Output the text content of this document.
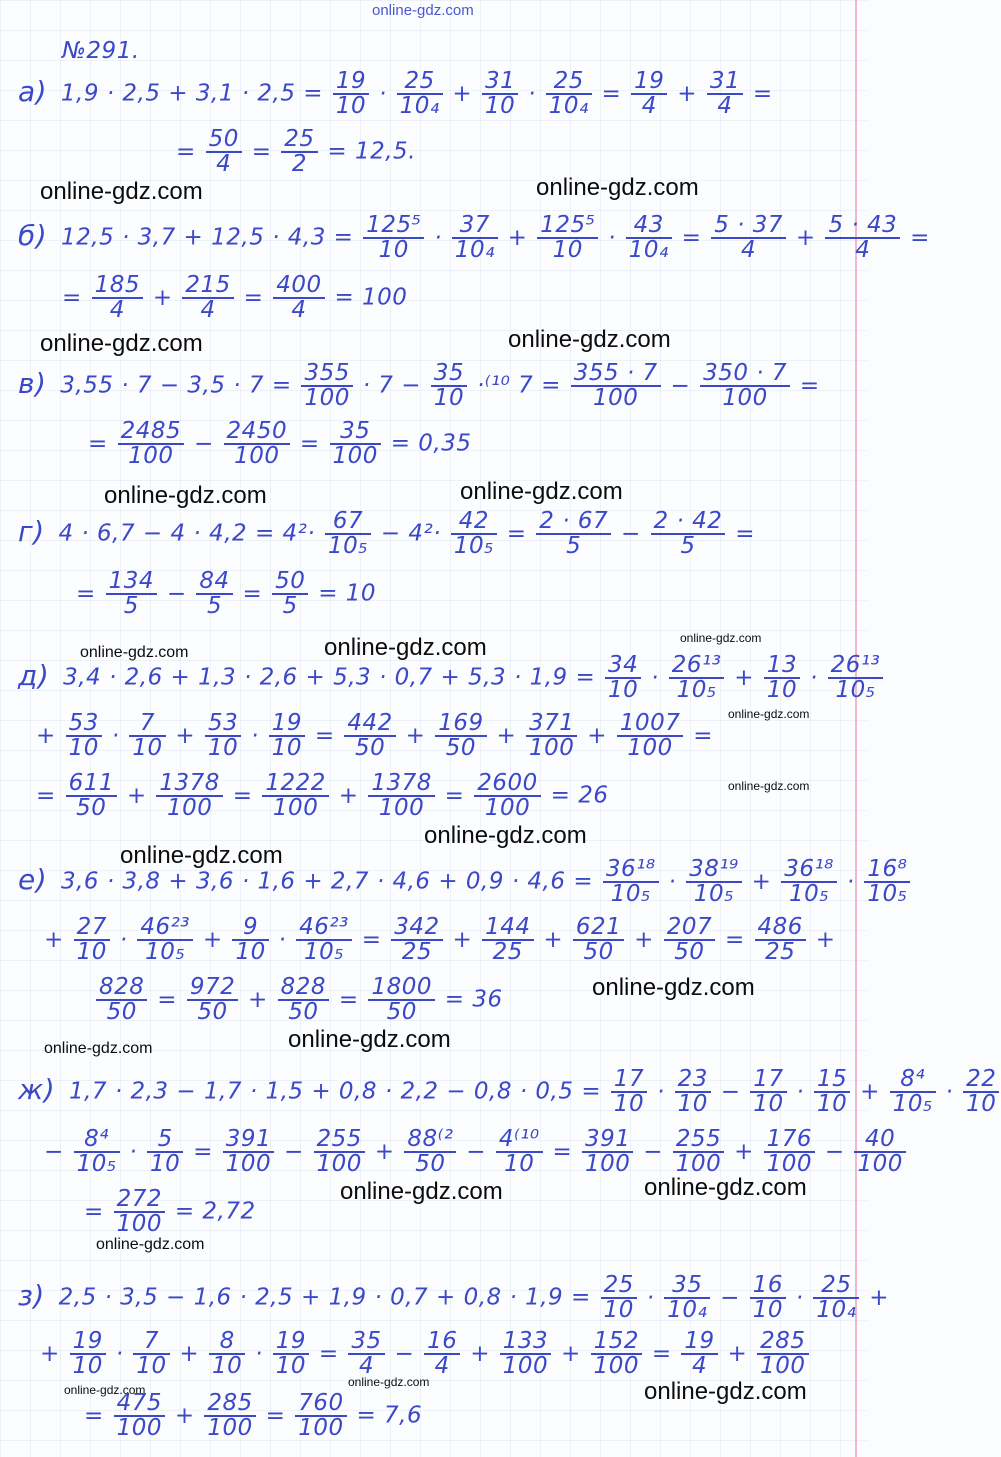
online-gdz.com
online-gdz.com	online-gdz.com
online-gdz.com	online-gdz.com
online-gdz.com	online-gdz.com
online-gdz.com	online-gdz.com	online-gdz.com
online-gdz.com
online-gdz.com
online-gdz.com
online-gdz.com
online-gdz.com
online-gdz.com	online-gdz.com
online-gdz.com	online-gdz.com
online-gdz.com
online-gdz.com
online-gdz.com	online-gdz.com
№291.
а) $1,9 \cdot 2,5 + 3,1 \cdot 2,5 = \frac{19}{10} \cdot \frac{25}{\text{10₄}} + \frac{31}{10} \cdot \frac{25}{\text{10₄}} = \frac{19}{4} + \frac{31}{4}$ =
= $\frac{50}{4} = \frac{25}{2} = 12,5$.
б) $12,5 \cdot 3,7 + 12,5 \cdot 4,3 = \frac{\text{125⁵}}{10} \cdot \frac{37}{\text{10₄}} + \frac{\text{125⁵}}{10} \cdot \frac{43}{\text{10₄}} = \frac{5 \cdot 37}{4} + \frac{5 \cdot 43}{4}$ =
= $\frac{185}{4} + \frac{215}{4} = \frac{400}{4} = 100$
в) $3,55 \cdot 7 - 3,5 \cdot 7 = \frac{355}{100} \cdot 7 - \frac{35}{10} \cdot^{(10}$ $7 = \frac{355 \cdot 7}{100} - \frac{350 \cdot 7}{100}$ =
= $\frac{2485}{100} - \frac{2450}{100} = \frac{35}{100} = 0,35$
г) $4 \cdot 6,7 - 4 \cdot 4,2 = 4^2\cdot \frac{67}{\text{10₅}} - 4^2\cdot \frac{42}{\text{10₅}} = \frac{2 \cdot 67}{5} - \frac{2 \cdot 42}{5}$ =
= $\frac{134}{5} - \frac{84}{5} = \frac{50}{5} = 10$
д) $3,4 \cdot 2,6 + 1,3 \cdot 2,6 + 5,3 \cdot 0,7 + 5,3 \cdot 1,9 = \frac{34}{10} \cdot \frac{\text{26¹³}}{\text{10₅}} + \frac{13}{10} \cdot \frac{\text{26¹³}}{\text{10₅}}$
+ $\frac{53}{10} \cdot \frac{7}{10} + \frac{53}{10} \cdot \frac{19}{10} = \frac{442}{50} + \frac{169}{50} + \frac{371}{100} + \frac{1007}{100}$ =
= $\frac{611}{50} + \frac{1378}{100} = \frac{1222}{100} + \frac{1378}{100} = \frac{2600}{100} = 26$
е) $3,6 \cdot 3,8 + 3,6 \cdot 1,6 + 2,7 \cdot 4,6 + 0,9 \cdot 4,6 = \frac{\text{36¹⁸}}{\text{10₅}} \cdot \frac{\text{38¹⁹}}{\text{10₅}} + \frac{\text{36¹⁸}}{\text{10₅}} \cdot \frac{\text{16⁸}}{\text{10₅}}$
+ $\frac{27}{10} \cdot \frac{\text{46²³}}{\text{10₅}} + \frac{9}{10} \cdot \frac{\text{46²³}}{\text{10₅}} = \frac{342}{25} + \frac{144}{25} + \frac{621}{50} + \frac{207}{50} = \frac{486}{25}$ +
$\frac{828}{50} = \frac{972}{50} + \frac{828}{50} = \frac{1800}{50} = 36$
ж) $1,7 \cdot 2,3 - 1,7 \cdot 1,5 + 0,8 \cdot 2,2 - 0,8 \cdot 0,5 = \frac{17}{10} \cdot \frac{23}{10} - \frac{17}{10} \cdot \frac{15}{10} + \frac{\text{8⁴}}{\text{10₅}} \cdot \frac{22}{10}$
− $\frac{\text{8⁴}}{\text{10₅}} \cdot \frac{5}{10} = \frac{391}{100} - \frac{255}{100} + \frac{\text{88⁽²}}{50} - \frac{\text{4⁽¹⁰}}{10} = \frac{391}{100} - \frac{255}{100} + \frac{176}{100} - \frac{40}{100}$
= $\frac{272}{100} = 2,72$
з) $2,5 \cdot 3,5 - 1,6 \cdot 2,5 + 1,9 \cdot 0,7 + 0,8 \cdot 1,9 = \frac{25}{10} \cdot \frac{35}{\text{10₄}} - \frac{16}{10} \cdot \frac{25}{\text{10₄}}$ +
+ $\frac{19}{10} \cdot \frac{7}{10} + \frac{8}{10} \cdot \frac{19}{10} = \frac{35}{4} - \frac{16}{4} + \frac{133}{100} + \frac{152}{100} = \frac{19}{4} + \frac{285}{100}$
= $\frac{475}{100} + \frac{285}{100} = \frac{760}{100} = 7,6$
